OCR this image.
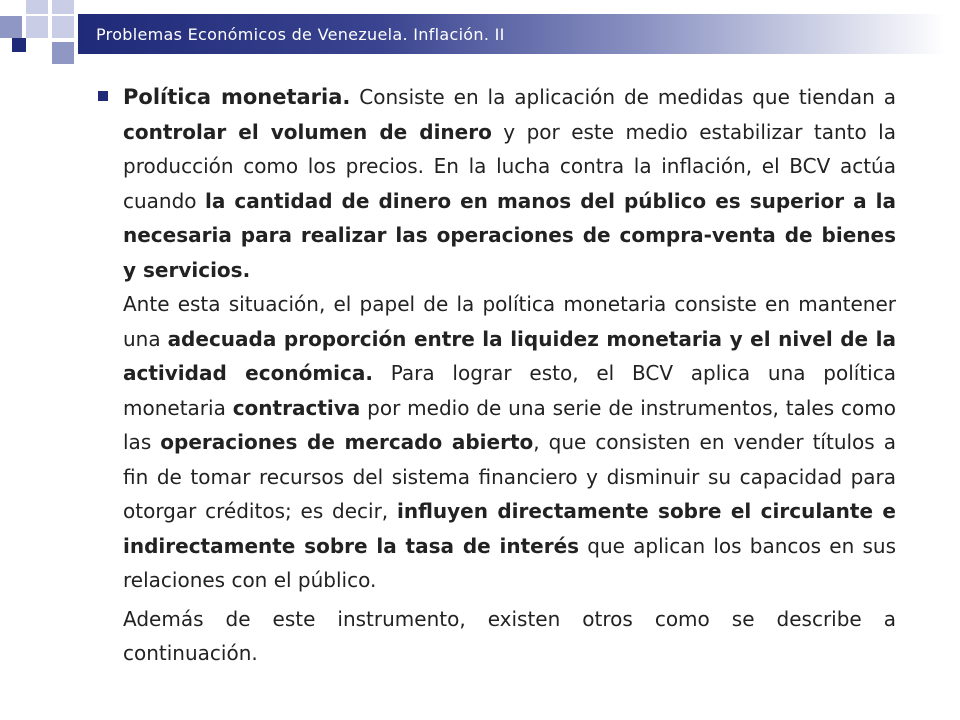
Problemas Económicos de Venezuela. Inflación. II

Política monetaria. Consiste en la aplicación de medidas que tiendan a controlar el volumen de dinero y por este medio estabilizar tanto la producción como los precios. En la lucha contra la inflación, el BCV actúa cuando la cantidad de dinero en manos del público es superior a la necesaria para realizar las operaciones de compra-venta de bienes y servicios.

Ante esta situación, el papel de la política monetaria consiste en mantener una adecuada proporción entre la liquidez monetaria y el nivel de la actividad económica. Para lograr esto, el BCV aplica una política monetaria contractiva por medio de una serie de instrumentos, tales como las operaciones de mercado abierto, que consisten en vender títulos a fin de tomar recursos del sistema financiero y disminuir su capacidad para otorgar créditos; es decir, influyen directamente sobre el circulante e indirectamente sobre la tasa de interés que aplican los bancos en sus relaciones con el público.

Además de este instrumento, existen otros como se describe a continuación.
